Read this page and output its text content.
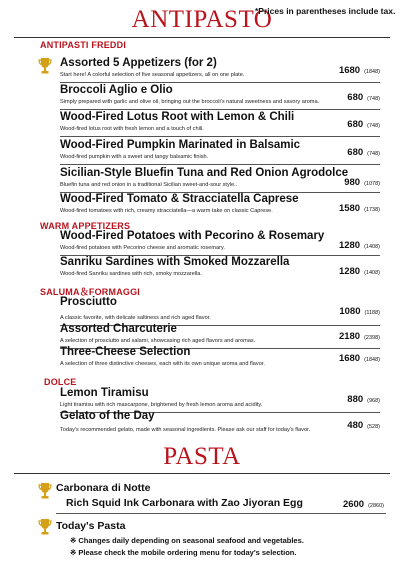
ANTIPASTO
*Prices in parentheses include tax.
ANTIPASTI FREDDI
Assorted 5 Appetizers (for 2)
Start here! A colorful selection of five seasonal appetizers, all on one plate.	1680 (1848)
Broccoli Aglio e Olio
Simply prepared with garlic and olive oil, bringing out the broccoli's natural sweetness and savory aroma.	680 (748)
Wood-Fired Lotus Root with Lemon & Chili
Wood-fired lotus root with fresh lemon and a touch of chili.	680 (748)
Wood-Fired Pumpkin Marinated in Balsamic
Wood-fired pumpkin with a sweet and tangy balsamic finish.	680 (748)
Sicilian-Style Bluefin Tuna and Red Onion Agrodolce
Bluefin tuna and red onion in a traditional Sicilian sweet-and-sour style..	980 (1078)
Wood-Fired Tomato & Stracciatella Caprese
Wood-fired tomatoes with rich, creamy stracciatella—a warm take on classic Caprese.	1580 (1738)
WARM APPETIZERS
Wood-Fired Potatoes with Pecorino & Rosemary
Wood-fired potatoes with Pecorino cheese and aromatic rosemary.	1280 (1408)
Sanriku Sardines with Smoked Mozzarella
Wood-fired Sanriku sardines with rich, smoky mozzarella.	1280 (1408)
SALUMA＆FORMAGGI
Prosciutto
A classic favorite, with delicate saltiness and rich aged flavor.
1080 (1188)
Assorted Charcuterie
A selection of prosciutto and salami, showcasing rich aged flavors and aromas.	2180 (2398)
Three-Cheese Selection
A selection of three distinctive cheeses, each with its own unique aroma and flavor.	1680 (1848)
DOLCE
Lemon Tiramisu
Light tiramisu with rich mascarpone, brightened by fresh lemon aroma and acidity.	880 (968)
Gelato of the Day
Today's recommended gelato, made with seasonal ingredients. Please ask our staff for today's flavor.	480 (528)
PASTA
Carbonara di Notte
Rich Squid Ink Carbonara with Zao Jiyoran Egg	2600 (2860)
Today's Pasta
※ Changes daily depending on seasonal seafood and vegetables.
※ Please check the mobile ordering menu for today's selection.
